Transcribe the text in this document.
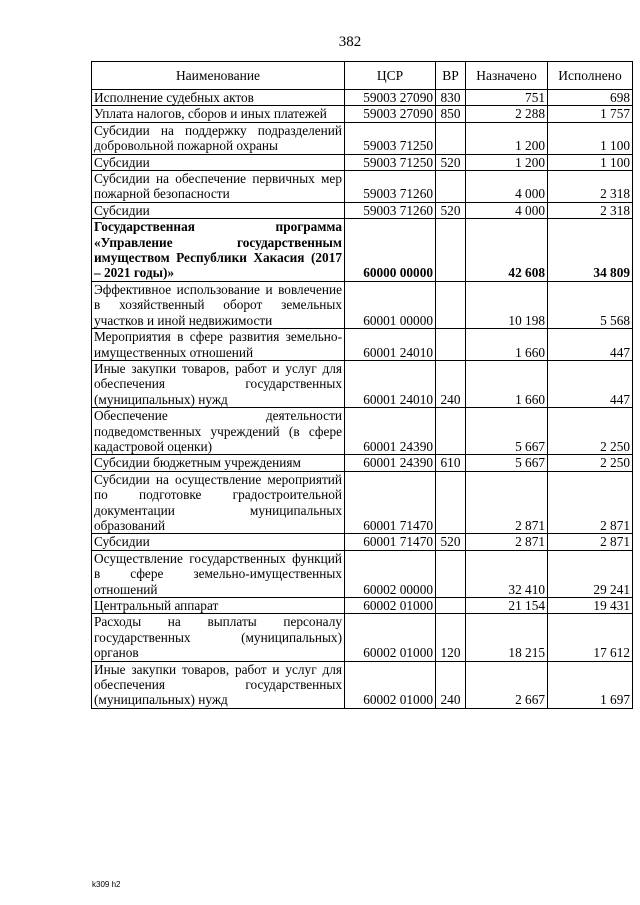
382
Наименование	ЦСР	ВР	Назначено	Исполнено
Исполнение судебных актов	59003 27090	830	751	698
Уплата налогов, сборов и иных платежей	59003 27090	850	2 288	1 757
Субсидии на поддержку подразделений добровольной пожарной охраны	59003 71250		1 200	1 100
Субсидии	59003 71250	520	1 200	1 100
Субсидии на обеспечение первичных мер пожарной безопасности	59003 71260		4 000	2 318
Субсидии	59003 71260	520	4 000	2 318
Государственная программа «Управление государственным имуществом Республики Хакасия (2017 – 2021 годы)»	60000 00000		42 608	34 809
Эффективное использование и вовлечение в хозяйственный оборот земельных участков и иной недвижимости	60001 00000		10 198	5 568
Мероприятия в сфере развития земельно-имущественных отношений	60001 24010		1 660	447
Иные закупки товаров, работ и услуг для обеспечения государственных (муниципальных) нужд	60001 24010	240	1 660	447
Обеспечение деятельности подведомственных учреждений (в сфере кадастровой оценки)	60001 24390		5 667	2 250
Субсидии бюджетным учреждениям	60001 24390	610	5 667	2 250
Субсидии на осуществление мероприятий по подготовке градостроительной документации муниципальных образований	60001 71470		2 871	2 871
Субсидии	60001 71470	520	2 871	2 871
Осуществление государственных функций в сфере земельно-имущественных отношений	60002 00000		32 410	29 241
Центральный аппарат	60002 01000		21 154	19 431
Расходы на выплаты персоналу государственных (муниципальных) органов	60002 01000	120	18 215	17 612
Иные закупки товаров, работ и услуг для обеспечения государственных (муниципальных) нужд	60002 01000	240	2 667	1 697
k309 h2
